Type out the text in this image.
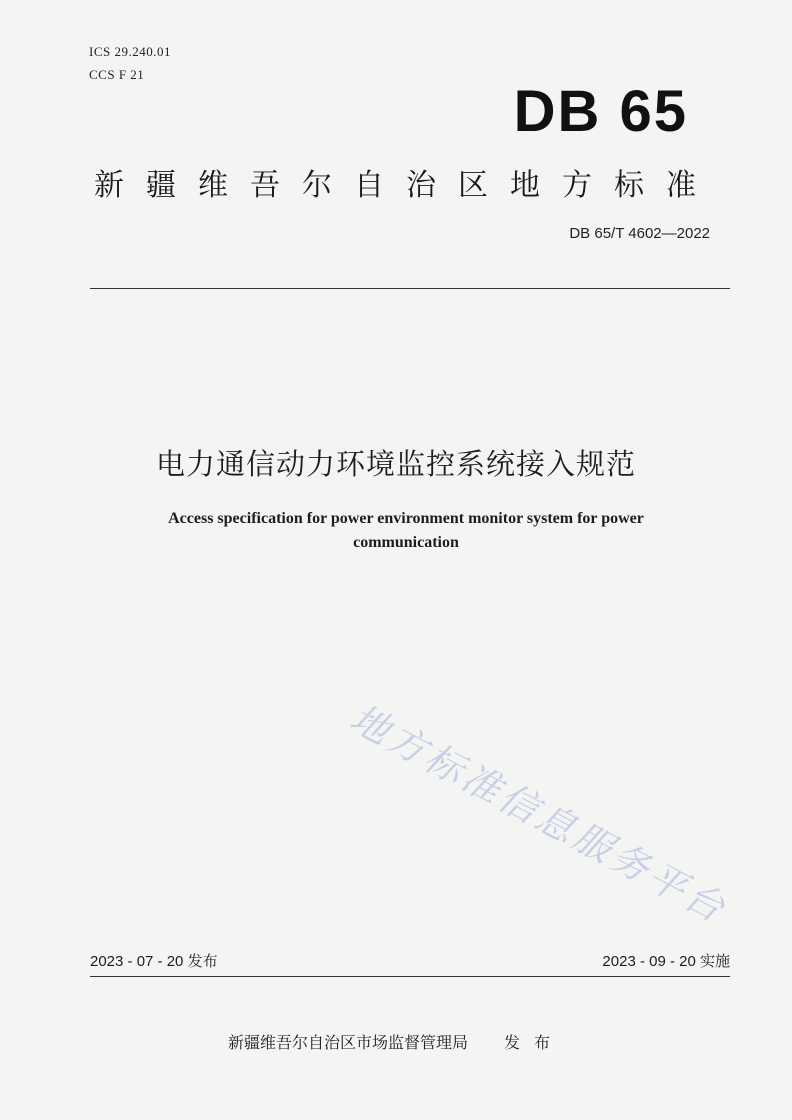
ICS 29.240.01
CCS F 21
DB 65
新疆维吾尔自治区地方标准
DB 65/T 4602—2022
电力通信动力环境监控系统接入规范
Access specification for power environment monitor system for power
communication
地方标准信息服务平台
2023 - 07 - 20 发布	2023 - 09 - 20 实施
新疆维吾尔自治区市场监督管理局 发布
